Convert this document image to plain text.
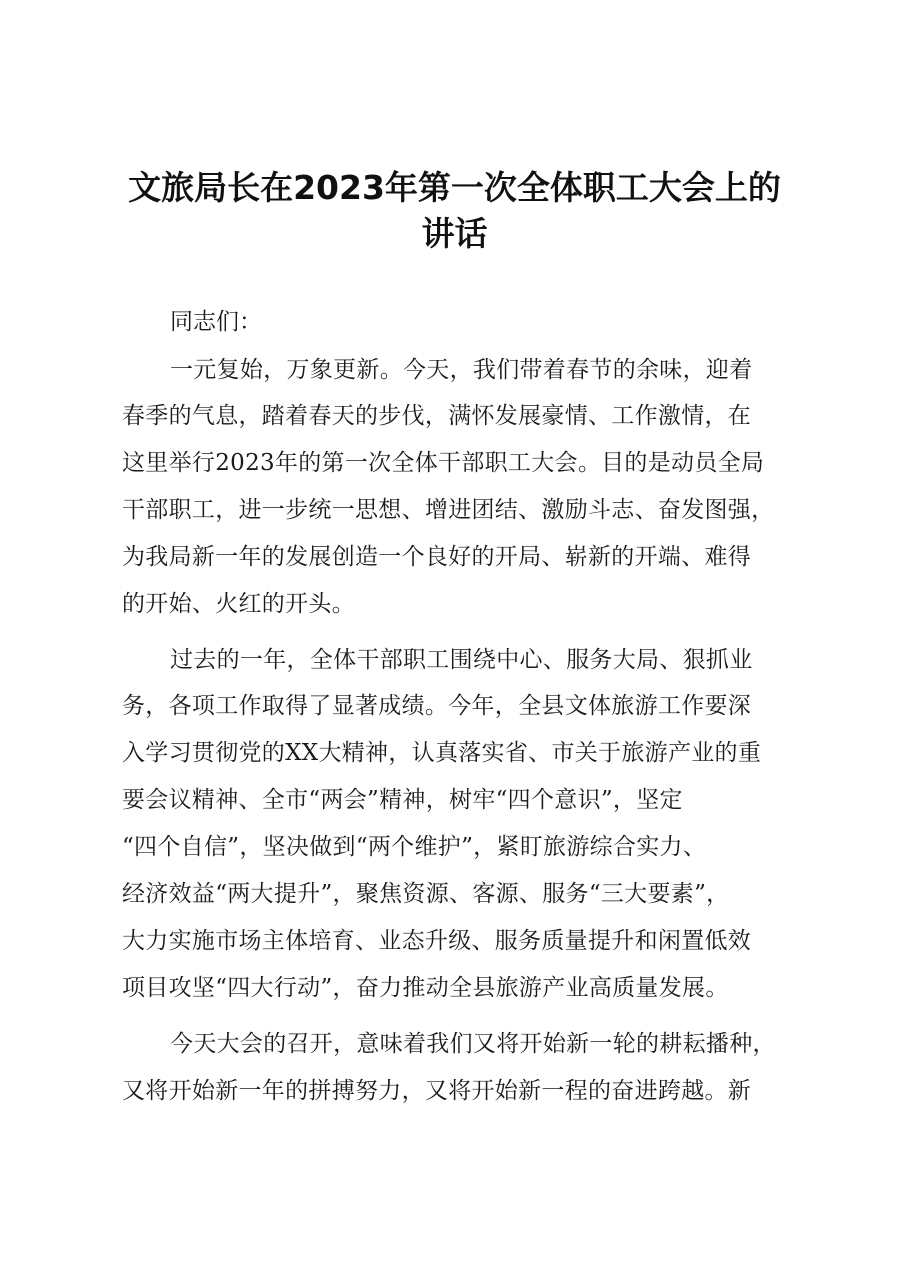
文旅局长在2023年第一次全体职工大会上的
讲话
同志们：
一元复始，万象更新。今天，我们带着春节的余味，迎着
春季的气息，踏着春天的步伐，满怀发展豪情、工作激情，在
这里举行2023年的第一次全体干部职工大会。目的是动员全局
干部职工，进一步统一思想、增进团结、激励斗志、奋发图强，
为我局新一年的发展创造一个良好的开局、崭新的开端、难得
的开始、火红的开头。
过去的一年，全体干部职工围绕中心、服务大局、狠抓业
务，各项工作取得了显著成绩。今年，全县文体旅游工作要深
入学习贯彻党的XX大精神，认真落实省、市关于旅游产业的重
要会议精神、全市“两会”精神，树牢“四个意识”，坚定
“四个自信”，坚决做到“两个维护”，紧盯旅游综合实力、
经济效益“两大提升”，聚焦资源、客源、服务“三大要素”，
大力实施市场主体培育、业态升级、服务质量提升和闲置低效
项目攻坚“四大行动”，奋力推动全县旅游产业高质量发展。
今天大会的召开，意味着我们又将开始新一轮的耕耘播种，
又将开始新一年的拼搏努力，又将开始新一程的奋进跨越。新
